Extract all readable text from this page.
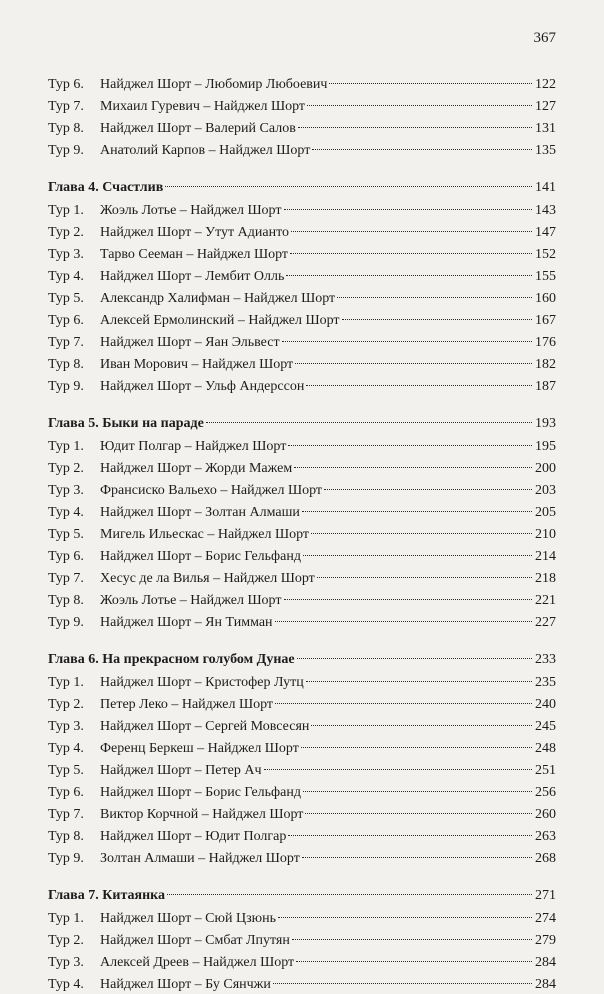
367
Тур 6.	Найджел Шорт – Любомир Любоевич	122
Тур 7.	Михаил Гуревич – Найджел Шорт	127
Тур 8.	Найджел Шорт – Валерий Салов	131
Тур 9.	Анатолий Карпов – Найджел Шорт	135
Глава 4. Счастлив	141
Тур 1.	Жоэль Лотье – Найджел Шорт	143
Тур 2.	Найджел Шорт – Утут Адианто	147
Тур 3.	Тарво Сееман – Найджел Шорт	152
Тур 4.	Найджел Шорт – Лембит Олль	155
Тур 5.	Александр Халифман – Найджел Шорт	160
Тур 6.	Алексей Ермолинский – Найджел Шорт	167
Тур 7.	Найджел Шорт – Яан Эльвест	176
Тур 8.	Иван Морович – Найджел Шорт	182
Тур 9.	Найджел Шорт – Ульф Андерссон	187
Глава 5. Быки на параде	193
Тур 1.	Юдит Полгар – Найджел Шорт	195
Тур 2.	Найджел Шорт – Жорди Мажем	200
Тур 3.	Франсиско Вальехо – Найджел Шорт	203
Тур 4.	Найджел Шорт – Золтан Алмаши	205
Тур 5.	Мигель Ильескас – Найджел Шорт	210
Тур 6.	Найджел Шорт – Борис Гельфанд	214
Тур 7.	Хесус де ла Вилья – Найджел Шорт	218
Тур 8.	Жоэль Лотье – Найджел Шорт	221
Тур 9.	Найджел Шорт – Ян Тимман	227
Глава 6. На прекрасном голубом Дунае	233
Тур 1.	Найджел Шорт – Кристофер Лутц	235
Тур 2.	Петер Леко – Найджел Шорт	240
Тур 3.	Найджел Шорт – Сергей Мовсесян	245
Тур 4.	Ференц Беркеш – Найджел Шорт	248
Тур 5.	Найджел Шорт – Петер Ач	251
Тур 6.	Найджел Шорт – Борис Гельфанд	256
Тур 7.	Виктор Корчной – Найджел Шорт	260
Тур 8.	Найджел Шорт – Юдит Полгар	263
Тур 9.	Золтан Алмаши – Найджел Шорт	268
Глава 7. Китаянка	271
Тур 1.	Найджел Шорт – Сюй Цзюнь	274
Тур 2.	Найджел Шорт – Смбат Лпутян	279
Тур 3.	Алексей Дреев – Найджел Шорт	284
Тур 4.	Найджел Шорт – Бу Сянчжи	284
